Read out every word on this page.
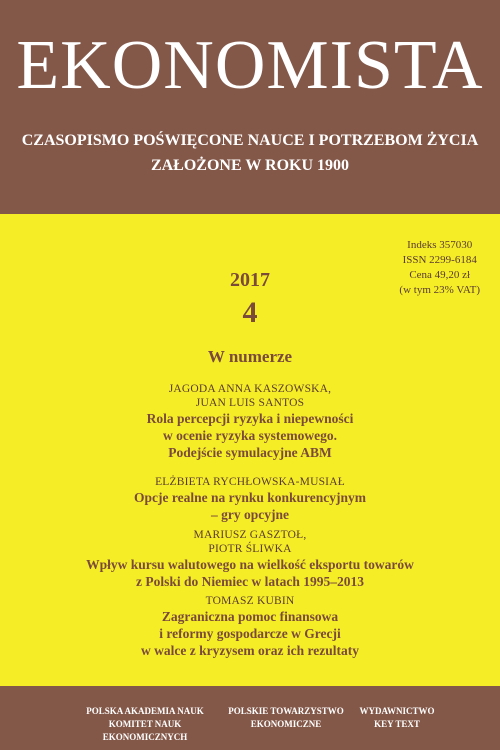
EKONOMISTA
CZASOPISMO POŚWIĘCONE NAUCE I POTRZEBOM ŻYCIA
ZAŁOŻONE W ROKU 1900
Indeks 357030
ISSN 2299-6184
Cena 49,20 zł
(w tym 23% VAT)
2017
4
W numerze
JAGODA ANNA KASZOWSKA,
JUAN LUIS SANTOS
Rola percepcji ryzyka i niepewności
w ocenie ryzyka systemowego.
Podejście symulacyjne ABM
ELŻBIETA RYCHŁOWSKA-MUSIAŁ
Opcje realne na rynku konkurencyjnym
– gry opcyjne
MARIUSZ GASZTOŁ,
PIOTR ŚLIWKA
Wpływ kursu walutowego na wielkość eksportu towarów
z Polski do Niemiec w latach 1995–2013
TOMASZ KUBIN
Zagraniczna pomoc finansowa
i reformy gospodarcze w Grecji
w walce z kryzysem oraz ich rezultaty
POLSKA AKADEMIA NAUK
KOMITET NAUK EKONOMICZNYCH
POLSKIE TOWARZYSTWO
EKONOMICZNE
WYDAWNICTWO
KEY TEXT
